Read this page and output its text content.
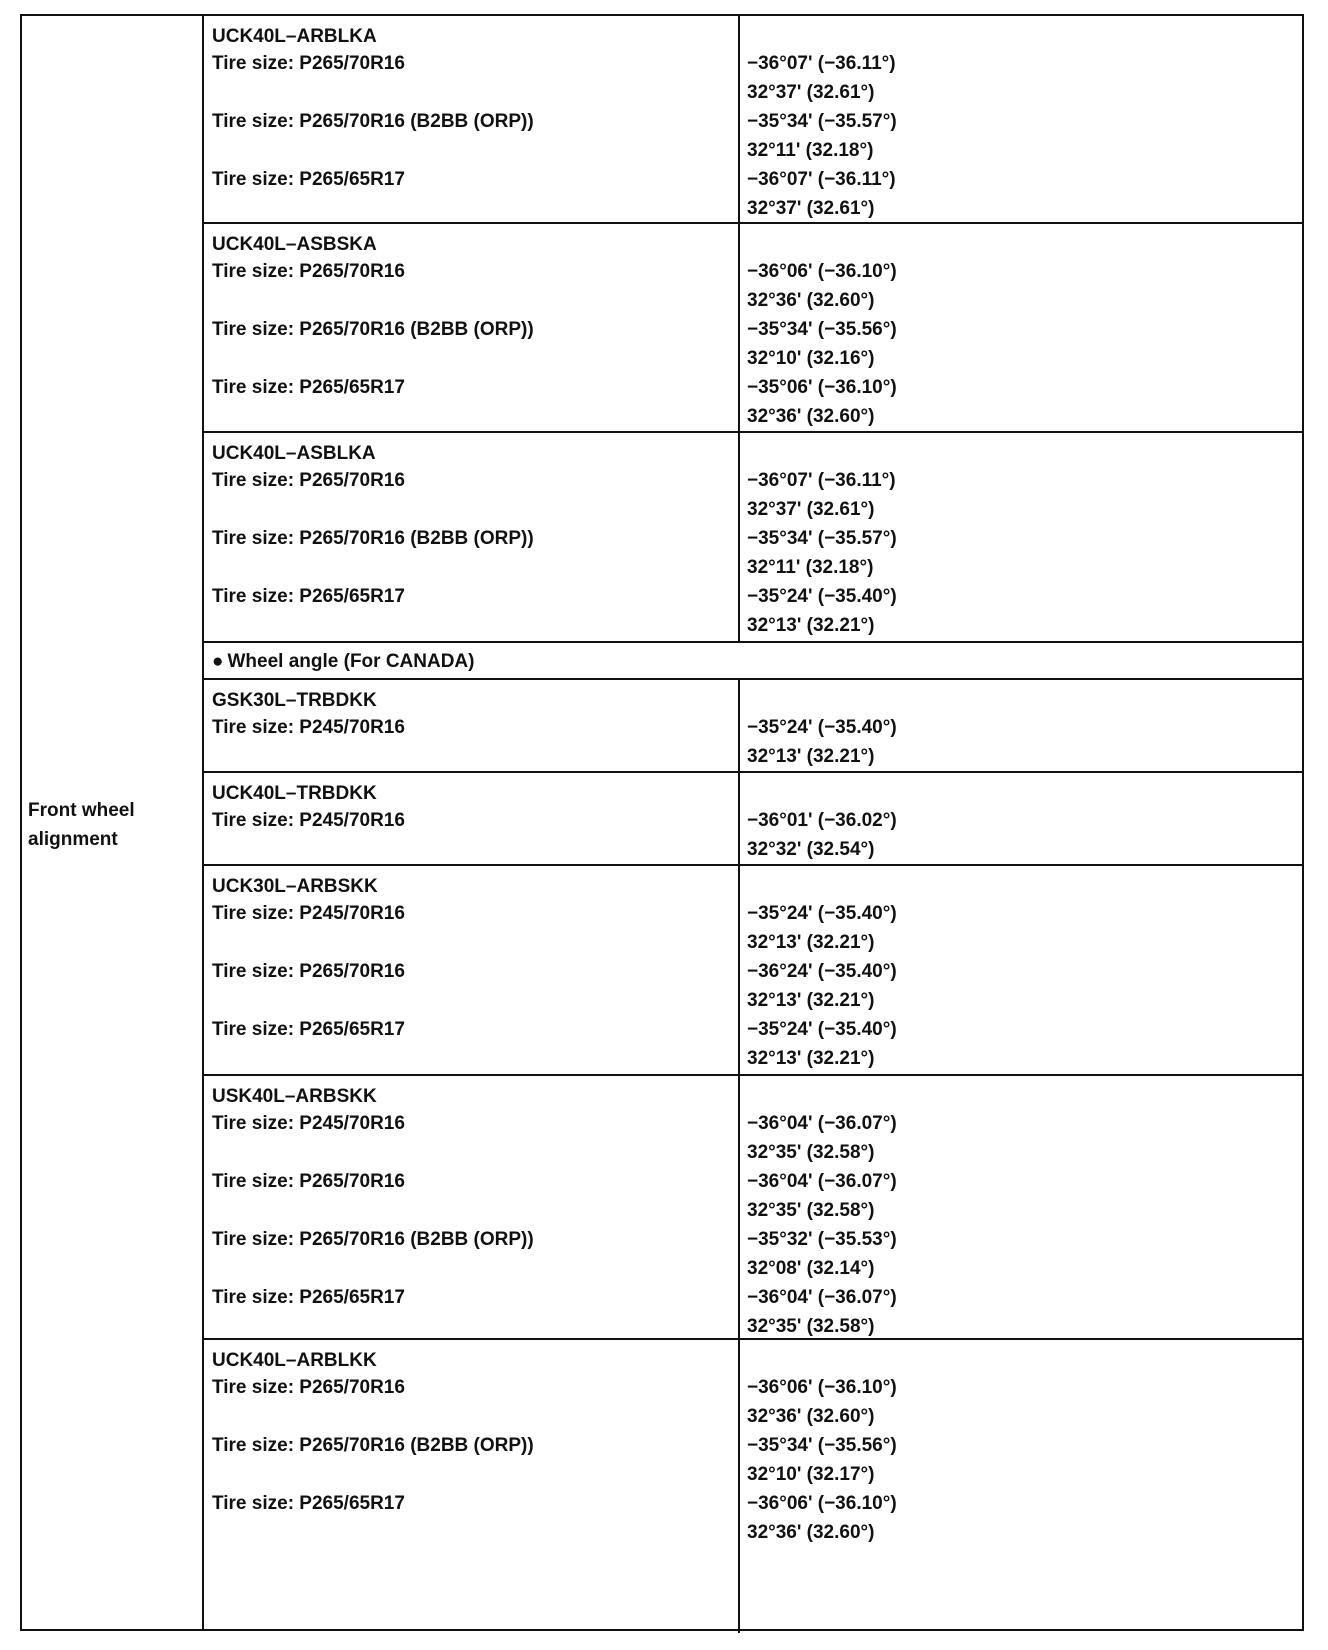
Front wheel
alignment
UCK40L–ARBLKA
Tire size: P265/70R16	−36°07' (−36.11°)
32°37' (32.61°)
Tire size: P265/70R16 (B2BB (ORP))	−35°34' (−35.57°)
32°11' (32.18°)
Tire size: P265/65R17	−36°07' (−36.11°)
32°37' (32.61°)
UCK40L–ASBSKA
Tire size: P265/70R16	−36°06' (−36.10°)
32°36' (32.60°)
Tire size: P265/70R16 (B2BB (ORP))	−35°34' (−35.56°)
32°10' (32.16°)
Tire size: P265/65R17	−35°06' (−36.10°)
32°36' (32.60°)
UCK40L–ASBLKA
Tire size: P265/70R16	−36°07' (−36.11°)
32°37' (32.61°)
Tire size: P265/70R16 (B2BB (ORP))	−35°34' (−35.57°)
32°11' (32.18°)
Tire size: P265/65R17	−35°24' (−35.40°)
32°13' (32.21°)
● Wheel angle (For CANADA)
GSK30L–TRBDKK
Tire size: P245/70R16	−35°24' (−35.40°)
32°13' (32.21°)
UCK40L–TRBDKK
Tire size: P245/70R16	−36°01' (−36.02°)
32°32' (32.54°)
UCK30L–ARBSKK
Tire size: P245/70R16	−35°24' (−35.40°)
32°13' (32.21°)
Tire size: P265/70R16	−36°24' (−35.40°)
32°13' (32.21°)
Tire size: P265/65R17	−35°24' (−35.40°)
32°13' (32.21°)
USK40L–ARBSKK
Tire size: P245/70R16	−36°04' (−36.07°)
32°35' (32.58°)
Tire size: P265/70R16	−36°04' (−36.07°)
32°35' (32.58°)
Tire size: P265/70R16 (B2BB (ORP))	−35°32' (−35.53°)
32°08' (32.14°)
Tire size: P265/65R17	−36°04' (−36.07°)
32°35' (32.58°)
UCK40L–ARBLKK
Tire size: P265/70R16	−36°06' (−36.10°)
32°36' (32.60°)
Tire size: P265/70R16 (B2BB (ORP))	−35°34' (−35.56°)
32°10' (32.17°)
Tire size: P265/65R17	−36°06' (−36.10°)
32°36' (32.60°)
